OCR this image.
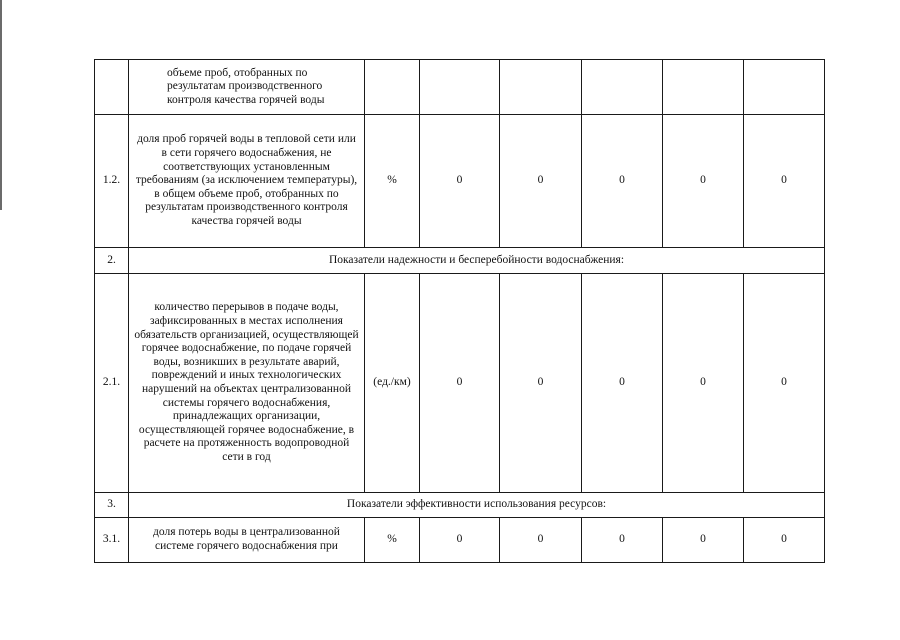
	объеме проб, отобранных по результатам производственного контроля качества горячей воды						
1.2.	доля проб горячей воды в тепловой сети или в сети горячего водоснабжения, не соответствующих установленным требованиям (за исключением температуры), в общем объеме проб, отобранных по результатам производственного контроля качества горячей воды	%	0	0	0	0	0
2.	Показатели надежности и бесперебойности водоснабжения:						
2.1.	количество перерывов в подаче воды, зафиксированных в местах исполнения обязательств организацией, осуществляющей горячее водоснабжение, по подаче горячей воды, возникших в результате аварий, повреждений и иных технологических нарушений на объектах централизованной системы горячего водоснабжения, принадлежащих организации, осуществляющей горячее водоснабжение, в расчете на протяженность водопроводной сети в год	(ед./км)	0	0	0	0	0
3.	Показатели эффективности использования ресурсов:						
3.1.	доля потерь воды в централизованной системе горячего водоснабжения при	%	0	0	0	0	0
